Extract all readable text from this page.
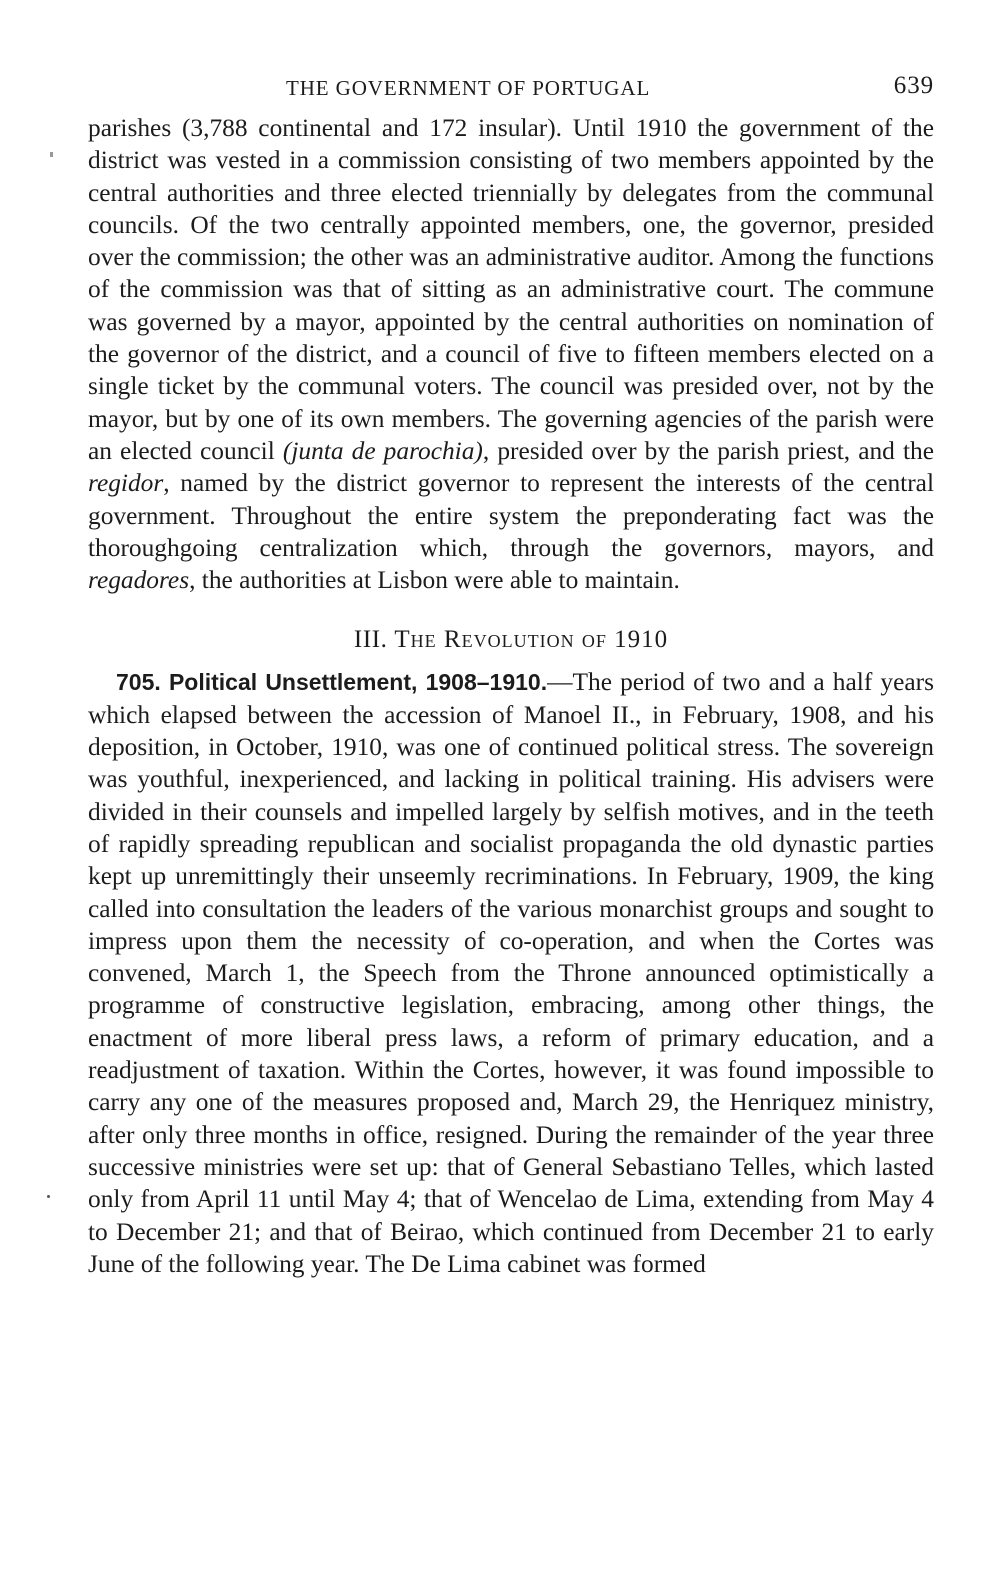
THE GOVERNMENT OF PORTUGAL	639

parishes (3,788 continental and 172 insular). Until 1910 the government of the district was vested in a commission consisting of two members appointed by the central authorities and three elected triennially by delegates from the communal councils. Of the two centrally appointed members, one, the governor, presided over the commission; the other was an administrative auditor. Among the functions of the commission was that of sitting as an administrative court. The commune was governed by a mayor, appointed by the central authorities on nomination of the governor of the district, and a council of five to fifteen members elected on a single ticket by the communal voters. The council was presided over, not by the mayor, but by one of its own members. The governing agencies of the parish were an elected council (junta de parochia), presided over by the parish priest, and the regidor, named by the district governor to represent the interests of the central government. Throughout the entire system the preponderating fact was the thoroughgoing centralization which, through the governors, mayors, and regadores, the authorities at Lisbon were able to maintain.

III. The Revolution of 1910

705. Political Unsettlement, 1908–1910.—The period of two and a half years which elapsed between the accession of Manoel II., in February, 1908, and his deposition, in October, 1910, was one of continued political stress. The sovereign was youthful, inexperienced, and lacking in political training. His advisers were divided in their counsels and impelled largely by selfish motives, and in the teeth of rapidly spreading republican and socialist propaganda the old dynastic parties kept up unremittingly their unseemly recriminations. In February, 1909, the king called into consultation the leaders of the various monarchist groups and sought to impress upon them the necessity of co-operation, and when the Cortes was convened, March 1, the Speech from the Throne announced optimistically a programme of constructive legislation, embracing, among other things, the enactment of more liberal press laws, a reform of primary education, and a readjustment of taxation. Within the Cortes, however, it was found impossible to carry any one of the measures proposed and, March 29, the Henriquez ministry, after only three months in office, resigned. During the remainder of the year three successive ministries were set up: that of General Sebastiano Telles, which lasted only from April 11 until May 4; that of Wencelao de Lima, extending from May 4 to December 21; and that of Beirao, which continued from December 21 to early June of the following year. The De Lima cabinet was formed
